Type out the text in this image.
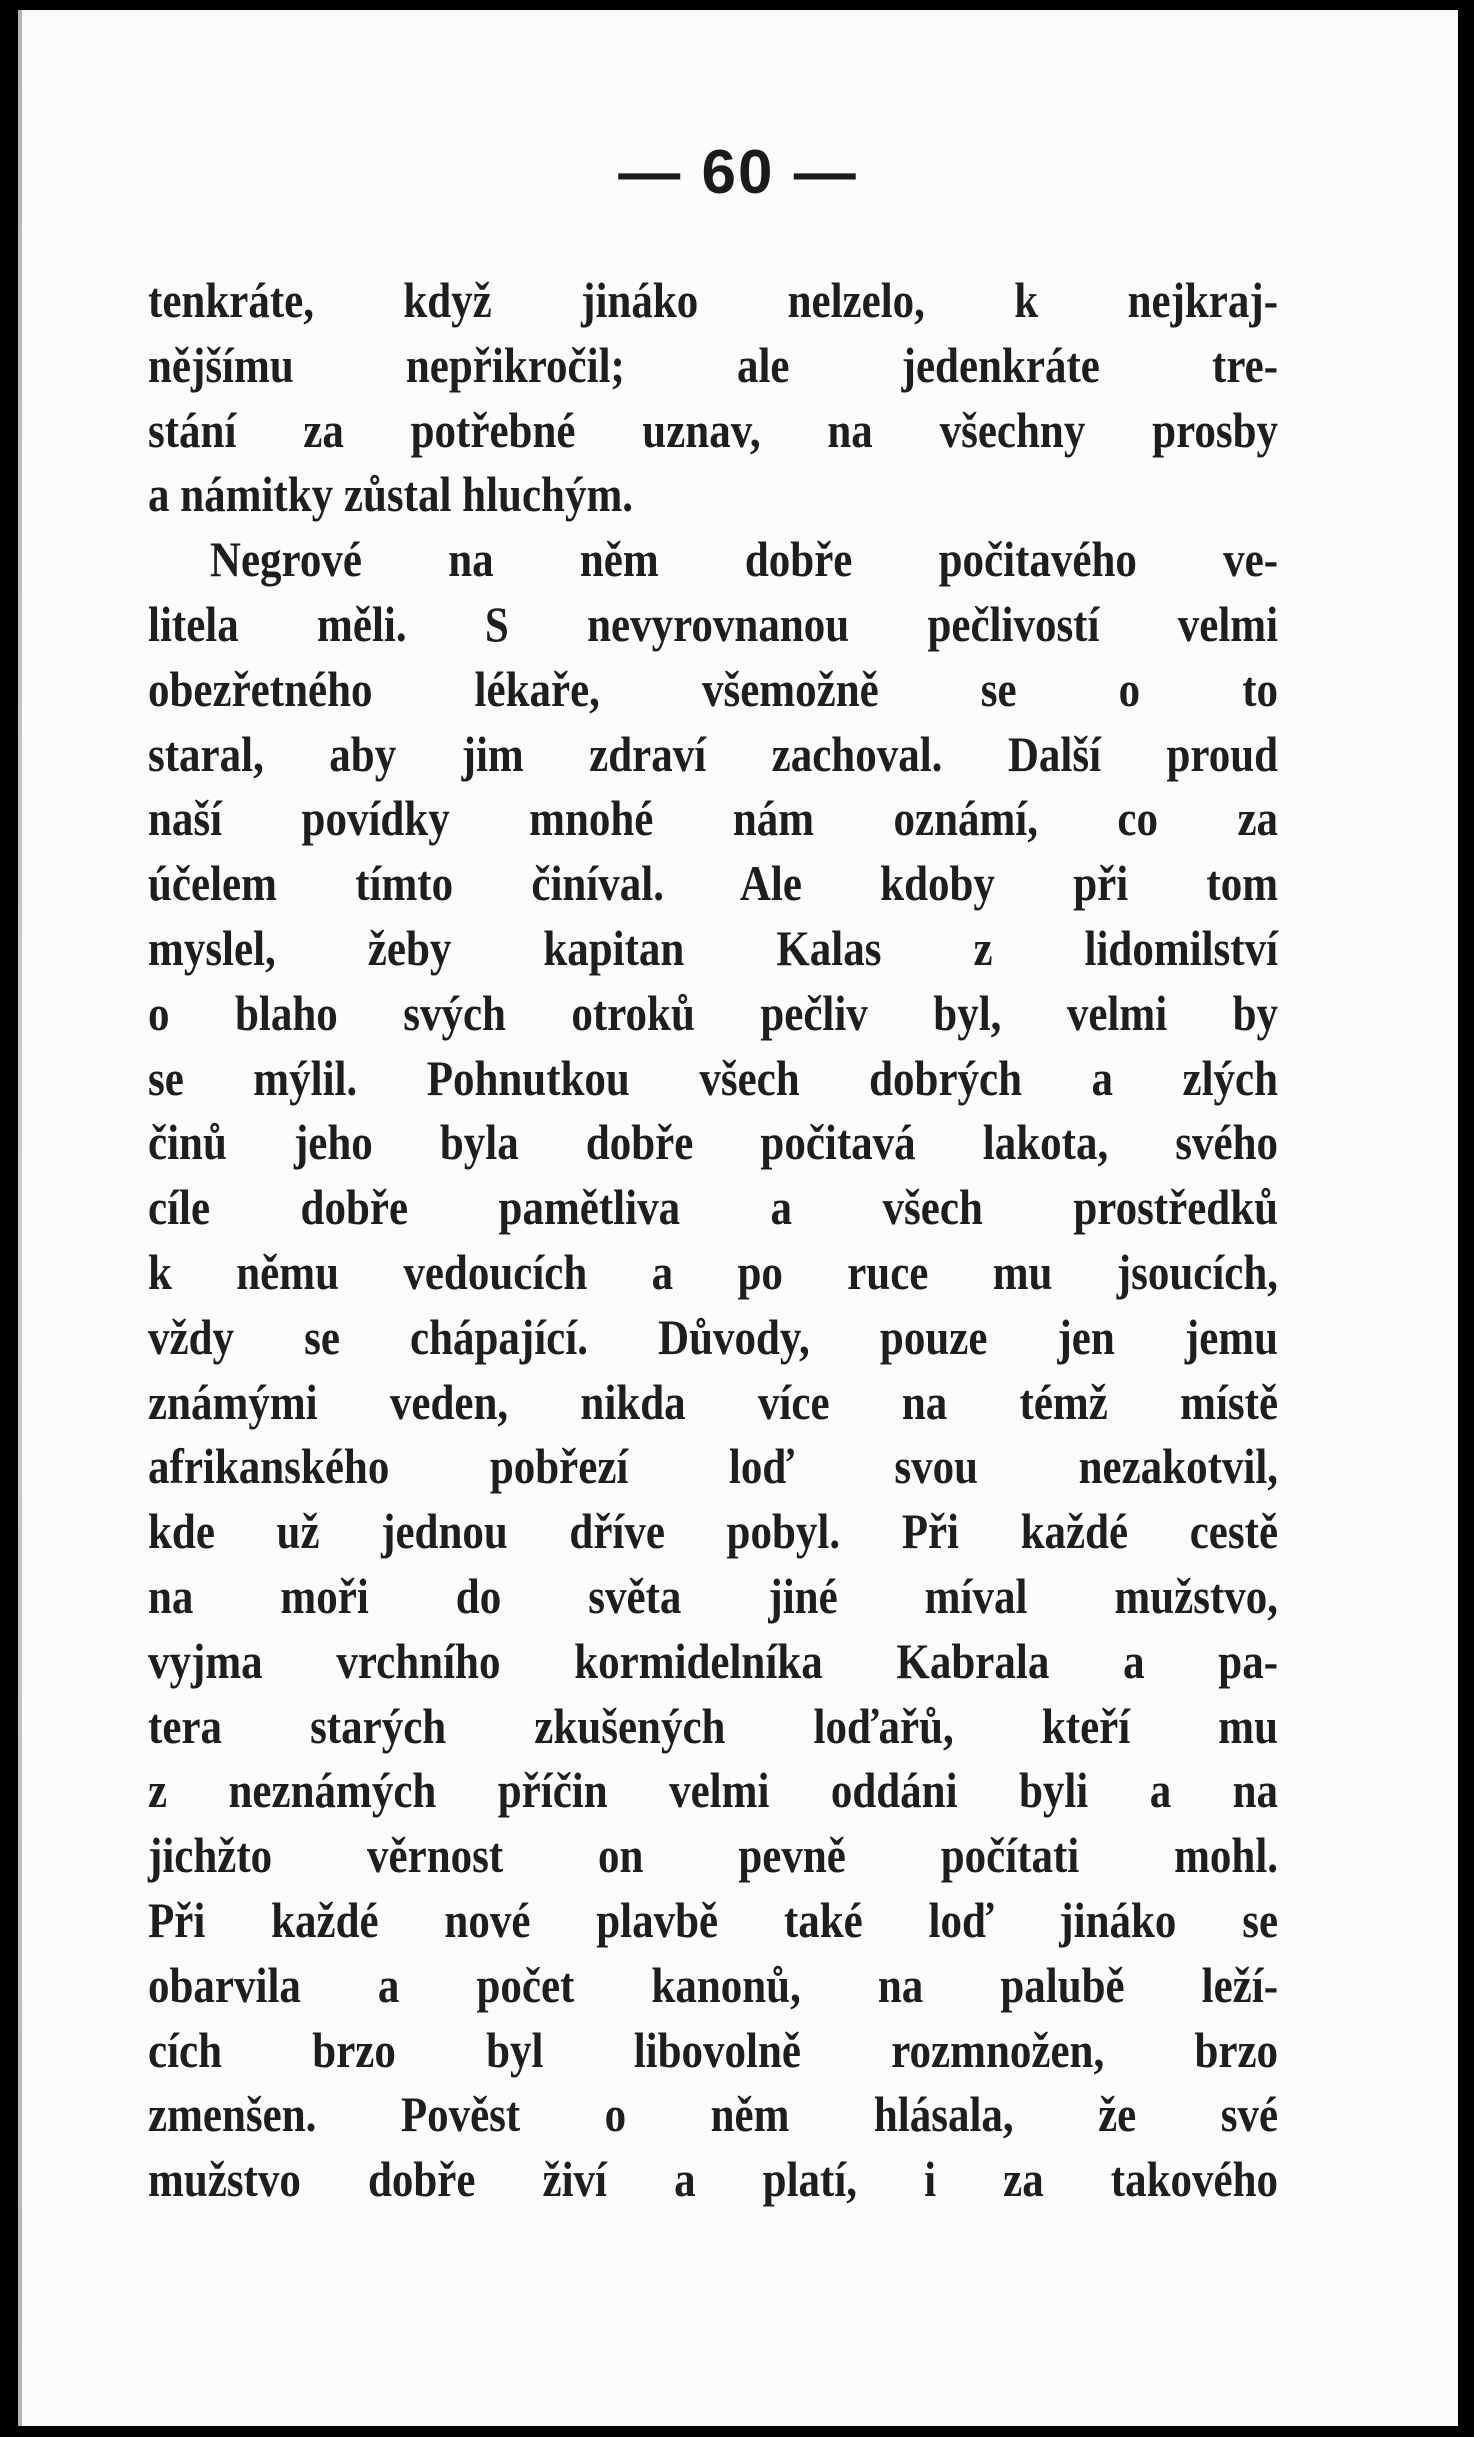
— 60 —
tenkráte, když jináko nelzelo, k nejkraj-
nějšímu nepřikročil; ale jedenkráte tre-
stání za potřebné uznav, na všechny prosby
a námitky zůstal hluchým.
Negrové na něm dobře počitavého ve-
litela měli. S nevyrovnanou pečlivostí velmi
obezřetného lékaře, všemožně se o to
staral, aby jim zdraví zachoval. Další proud
naší povídky mnohé nám oznámí, co za
účelem tímto činíval. Ale kdoby při tom
myslel, žeby kapitan Kalas z lidomilství
o blaho svých otroků pečliv byl, velmi by
se mýlil. Pohnutkou všech dobrých a zlých
činů jeho byla dobře počitavá lakota, svého
cíle dobře pamětliva a všech prostředků
k němu vedoucích a po ruce mu jsoucích,
vždy se chápající. Důvody, pouze jen jemu
známými veden, nikda více na témž místě
afrikanského pobřezí loď svou nezakotvil,
kde už jednou dříve pobyl. Při každé cestě
na moři do světa jiné míval mužstvo,
vyjma vrchního kormidelníka Kabrala a pa-
tera starých zkušených loďařů, kteří mu
z neznámých příčin velmi oddáni byli a na
jichžto věrnost on pevně počítati mohl.
Při každé nové plavbě také loď jináko se
obarvila a počet kanonů, na palubě leží-
cích brzo byl libovolně rozmnožen, brzo
zmenšen. Pověst o něm hlásala, že své
mužstvo dobře živí a platí, i za takového
